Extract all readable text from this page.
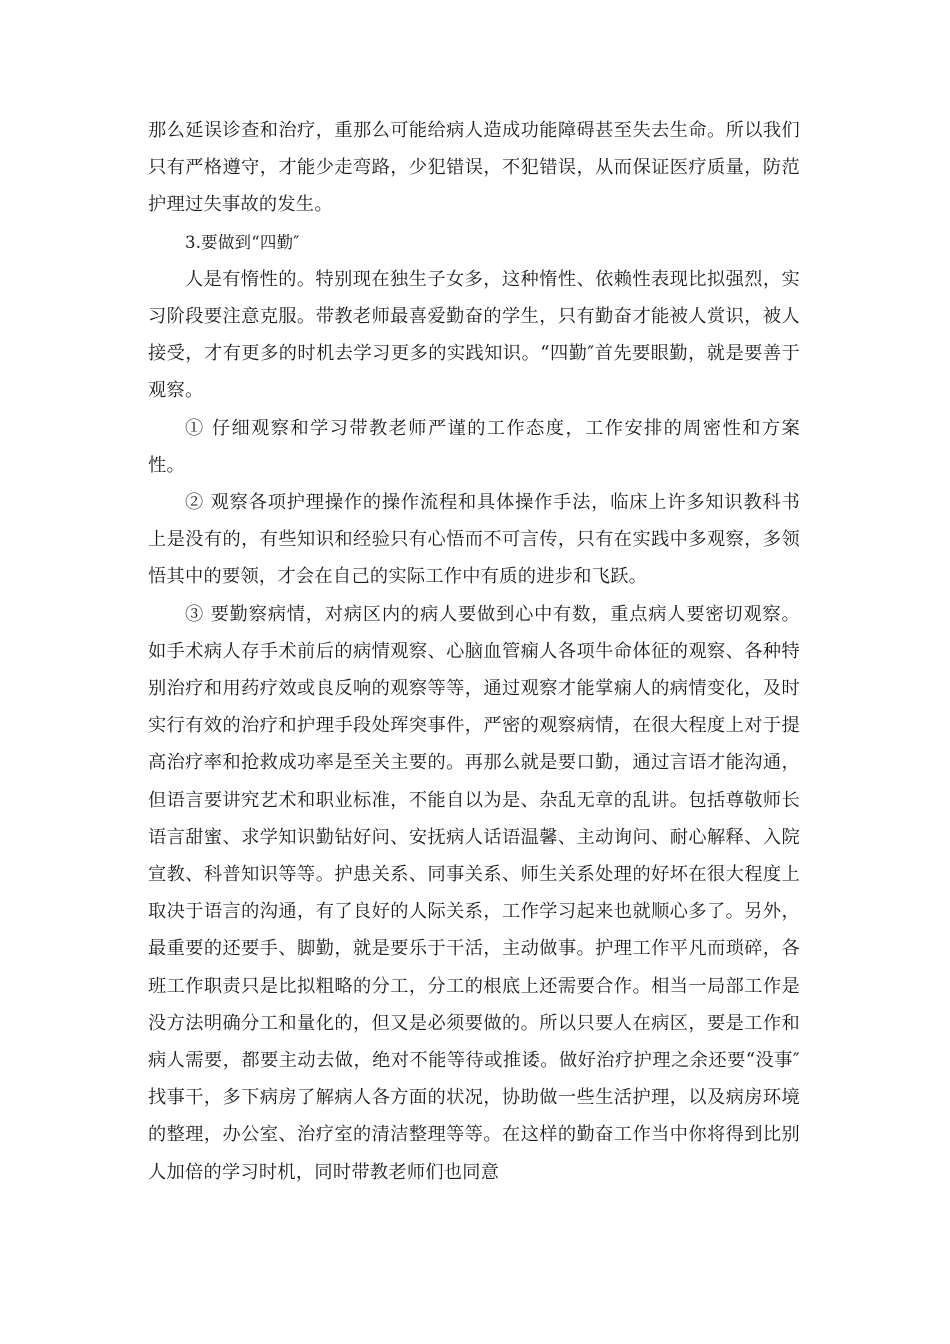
那么延误诊查和治疗，重那么可能给病人造成功能障碍甚至失去生命。所以我们只有严格遵守，才能少走弯路，少犯错误，不犯错误，从而保证医疗质量，防范护理过失事故的发生。

3.要做到“四勤″

人是有惰性的。特别现在独生子女多，这种惰性、依赖性表现比拟强烈，实习阶段要注意克服。带教老师最喜爱勤奋的学生，只有勤奋才能被人赏识，被人接受，才有更多的时机去学习更多的实践知识。“四勤″首先要眼勤，就是要善于观察。

① 仔细观察和学习带教老师严谨的工作态度，工作安排的周密性和方案性。

② 观察各项护理操作的操作流程和具体操作手法，临床上许多知识教科书上是没有的，有些知识和经验只有心悟而不可言传，只有在实践中多观察，多领悟其中的要领，才会在自己的实际工作中有质的进步和飞跃。

③ 要勤察病情，对病区内的病人要做到心中有数，重点病人要密切观察。如手术病人存手术前后的病情观察、心脑血管痫人各项牛命体征的观察、各种特别治疗和用药疗效或良反响的观察等等，通过观察才能掌痫人的病情变化，及时实行有效的治疗和护理手段处珲突事件，严密的观察病情，在很大程度上对于提高治疗率和抢救成功率是至关主要的。再那么就是要口勤，通过言语才能沟通，但语言要讲究艺术和职业标准，不能自以为是、杂乱无章的乱讲。包括尊敬师长语言甜蜜、求学知识勤钻好问、安抚病人话语温馨、主动询问、耐心解释、入院宣教、科普知识等等。护患关系、同事关系、师生关系处理的好坏在很大程度上取决于语言的沟通，有了良好的人际关系，工作学习起来也就顺心多了。另外，最重要的还要手、脚勤，就是要乐于干活，主动做事。护理工作平凡而琐碎，各班工作职责只是比拟粗略的分工，分工的根底上还需要合作。相当一局部工作是没方法明确分工和量化的，但又是必须要做的。所以只要人在病区，要是工作和病人需要，都要主动去做，绝对不能等待或推诿。做好治疗护理之余还要“没事″找事干，多下病房了解病人各方面的状况，协助做一些生活护理，以及病房环境的整理，办公室、治疗室的清洁整理等等。在这样的勤奋工作当中你将得到比别人加倍的学习时机，同时带教老师们也同意
